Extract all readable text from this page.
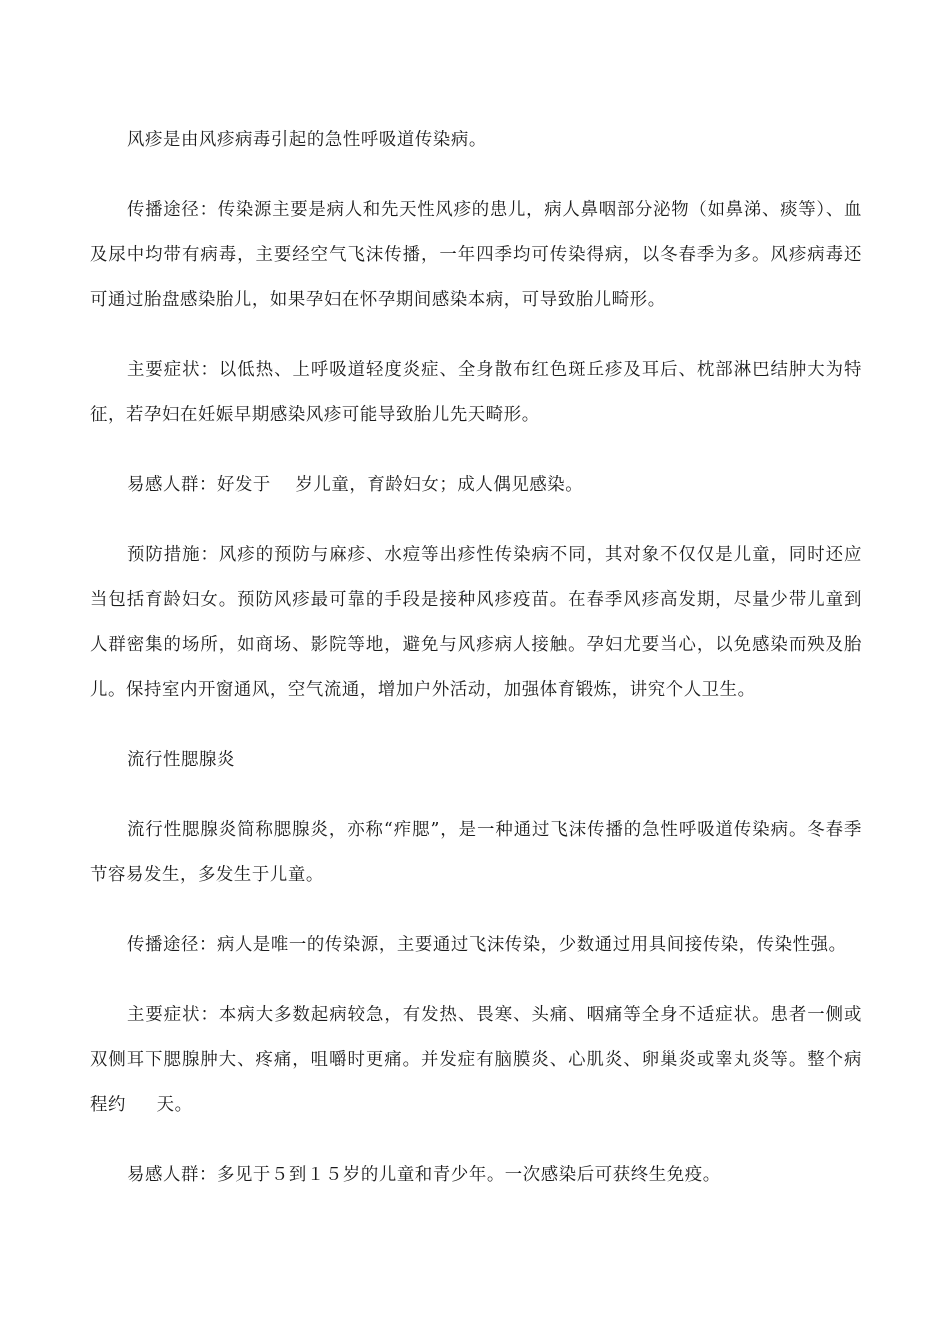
风疹是由风疹病毒引起的急性呼吸道传染病。

传播途径：传染源主要是病人和先天性风疹的患儿，病人鼻咽部分泌物（如鼻涕、痰等）、血及尿中均带有病毒，主要经空气飞沫传播，一年四季均可传染得病，以冬春季为多。风疹病毒还可通过胎盘感染胎儿，如果孕妇在怀孕期间感染本病，可导致胎儿畸形。

主要症状：以低热、上呼吸道轻度炎症、全身散布红色斑丘疹及耳后、枕部淋巴结肿大为特征，若孕妇在妊娠早期感染风疹可能导致胎儿先天畸形。

易感人群：好发于    岁儿童，育龄妇女；成人偶见感染。

预防措施：风疹的预防与麻疹、水痘等出疹性传染病不同，其对象不仅仅是儿童，同时还应当包括育龄妇女。预防风疹最可靠的手段是接种风疹疫苗。在春季风疹高发期，尽量少带儿童到人群密集的场所，如商场、影院等地，避免与风疹病人接触。孕妇尤要当心，以免感染而殃及胎儿。保持室内开窗通风，空气流通，增加户外活动，加强体育锻炼，讲究个人卫生。

流行性腮腺炎

流行性腮腺炎简称腮腺炎，亦称“痄腮”，是一种通过飞沫传播的急性呼吸道传染病。冬春季节容易发生，多发生于儿童。

传播途径：病人是唯一的传染源，主要通过飞沫传染，少数通过用具间接传染，传染性强。

主要症状：本病大多数起病较急，有发热、畏寒、头痛、咽痛等全身不适症状。患者一侧或双侧耳下腮腺肿大、疼痛，咀嚼时更痛。并发症有脑膜炎、心肌炎、卵巢炎或睾丸炎等。整个病程约     天。

易感人群：多见于５到１５岁的儿童和青少年。一次感染后可获终生免疫。
